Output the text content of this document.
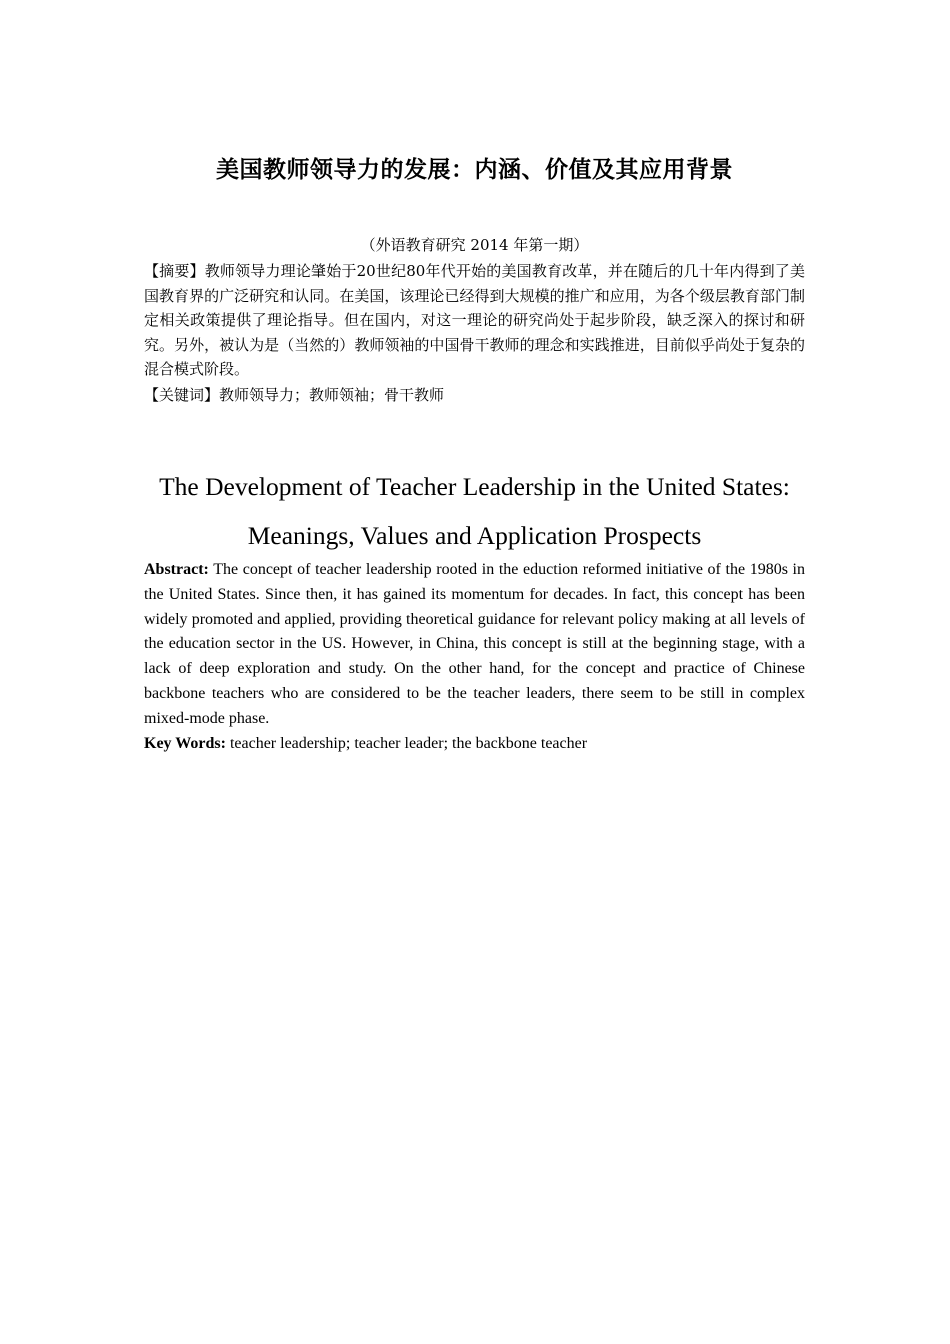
美国教师领导力的发展：内涵、价值及其应用背景
（外语教育研究 2014 年第一期）

【摘要】教师领导力理论肇始于20世纪80年代开始的美国教育改革，并在随后的几十年内得到了美国教育界的广泛研究和认同。在美国，该理论已经得到大规模的推广和应用，为各个级层教育部门制定相关政策提供了理论指导。但在国内，对这一理论的研究尚处于起步阶段，缺乏深入的探讨和研究。另外，被认为是（当然的）教师领袖的中国骨干教师的理念和实践推进，目前似乎尚处于复杂的混合模式阶段。

【关键词】教师领导力；教师领袖；骨干教师

The Development of Teacher Leadership in the United States:
Meanings, Values and Application Prospects

Abstract: The concept of teacher leadership rooted in the eduction reformed initiative of the 1980s in the United States. Since then, it has gained its momentum for decades. In fact, this concept has been widely promoted and applied, providing theoretical guidance for relevant policy making at all levels of the education sector in the US. However, in China, this concept is still at the beginning stage, with a lack of deep exploration and study. On the other hand, for the concept and practice of Chinese backbone teachers who are considered to be the teacher leaders, there seem to be still in complex mixed-mode phase.

Key Words: teacher leadership; teacher leader; the backbone teacher
